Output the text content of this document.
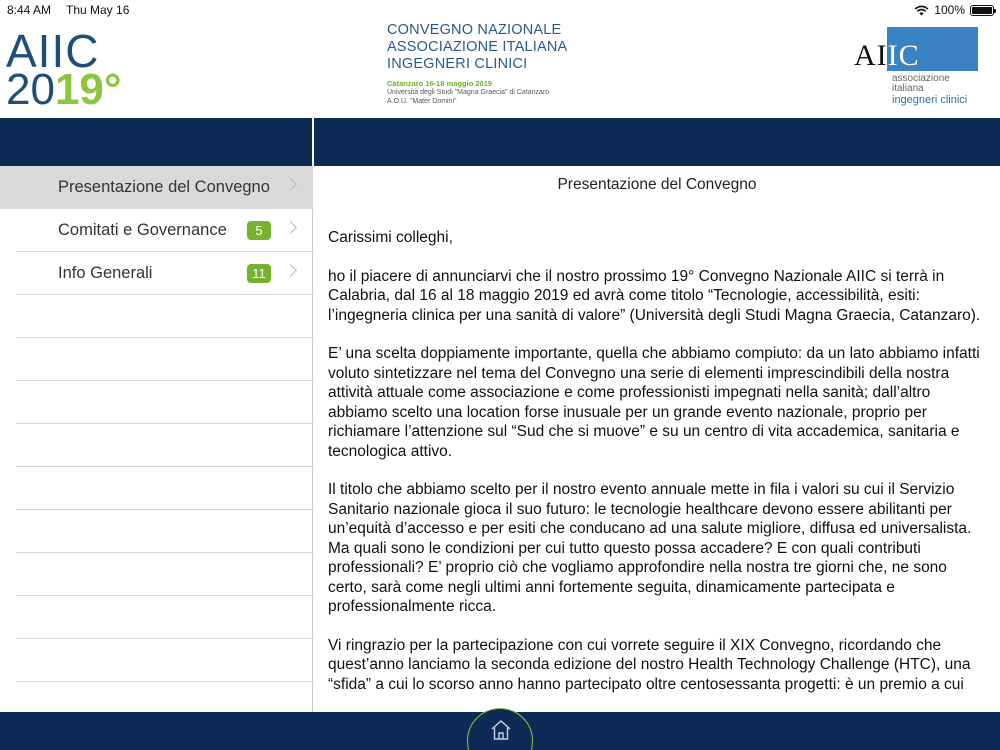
8:44 AM Thu May 16	100%
AIIC
2019°
CONVEGNO NAZIONALE
ASSOCIAZIONE ITALIANA
INGEGNERI CLINICI
Catanzaro 16-18 maggio 2019
Università degli Studi "Magna Graecia" di Catanzaro
A.O.U. "Mater Domini"
AIIC
associazione
italiana
ingegneri clinici
Presentazione del Convegno
Comitati e Governance	5
Info Generali	11
Presentazione del Convegno

Carissimi colleghi,

ho il piacere di annunciarvi che il nostro prossimo 19° Convegno Nazionale AIIC si terrà in Calabria, dal 16 al 18 maggio 2019 ed avrà come titolo “Tecnologie, accessibilità, esiti: l’ingegneria clinica per una sanità di valore” (Università degli Studi Magna Graecia, Catanzaro).

E’ una scelta doppiamente importante, quella che abbiamo compiuto: da un lato abbiamo infatti voluto sintetizzare nel tema del Convegno una serie di elementi imprescindibili della nostra attività attuale come associazione e come professionisti impegnati nella sanità; dall’altro abbiamo scelto una location forse inusuale per un grande evento nazionale, proprio per richiamare l’attenzione sul “Sud che si muove” e su un centro di vita accademica, sanitaria e tecnologica attivo.

Il titolo che abbiamo scelto per il nostro evento annuale mette in fila i valori su cui il Servizio Sanitario nazionale gioca il suo futuro: le tecnologie healthcare devono essere abilitanti per un’equità d’accesso e per esiti che conducano ad una salute migliore, diffusa ed universalista. Ma quali sono le condizioni per cui tutto questo possa accadere? E con quali contributi professionali? E’ proprio ciò che vogliamo approfondire nella nostra tre giorni che, ne sono certo, sarà come negli ultimi anni fortemente seguita, dinamicamente partecipata e professionalmente ricca.

Vi ringrazio per la partecipazione con cui vorrete seguire il XIX Convegno, ricordando che quest’anno lanciamo la seconda edizione del nostro Health Technology Challenge (HTC), una “sfida” a cui lo scorso anno hanno partecipato oltre centosessanta progetti: è un premio a cui
